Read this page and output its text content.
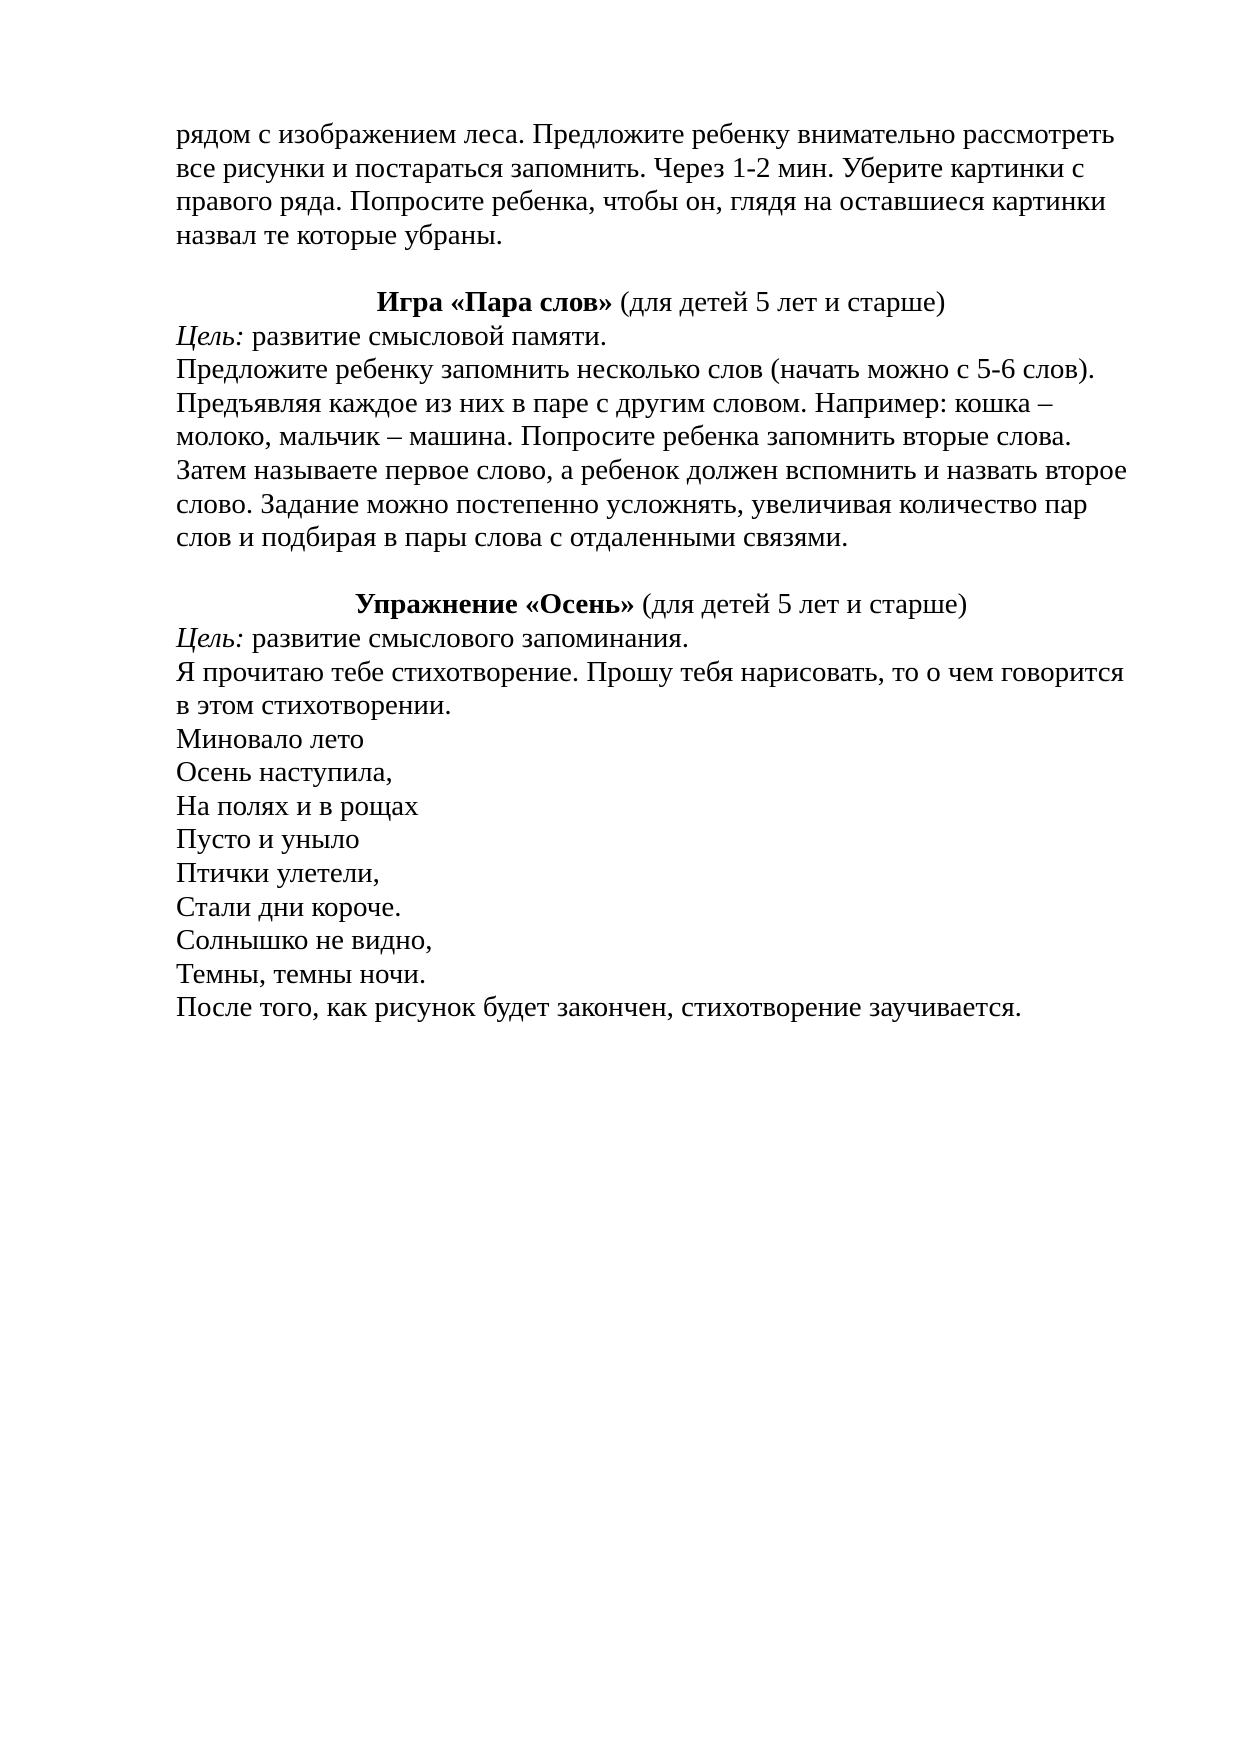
рядом с изображением леса. Предложите ребенку внимательно рассмотреть
все рисунки и постараться запомнить. Через 1-2 мин. Уберите картинки с
правого ряда. Попросите ребенка, чтобы он, глядя на оставшиеся картинки
назвал те которые убраны.
Игра «Пара слов» (для детей 5 лет и старше)
Цель: развитие смысловой памяти.
Предложите ребенку запомнить несколько слов (начать можно с 5-6 слов).
Предъявляя каждое из них в паре с другим словом. Например: кошка –
молоко, мальчик – машина. Попросите ребенка запомнить вторые слова.
Затем называете первое слово, а ребенок должен вспомнить и назвать второе
слово. Задание можно постепенно усложнять, увеличивая количество пар
слов и подбирая в пары слова с отдаленными связями.
Упражнение «Осень» (для детей 5 лет и старше)
Цель: развитие смыслового запоминания.
Я прочитаю тебе стихотворение. Прошу тебя нарисовать, то о чем говорится
в этом стихотворении.
Миновало лето
Осень наступила,
На полях и в рощах
Пусто и уныло
Птички улетели,
Стали дни короче.
Солнышко не видно,
Темны, темны ночи.
После того, как рисунок будет закончен, стихотворение заучивается.
